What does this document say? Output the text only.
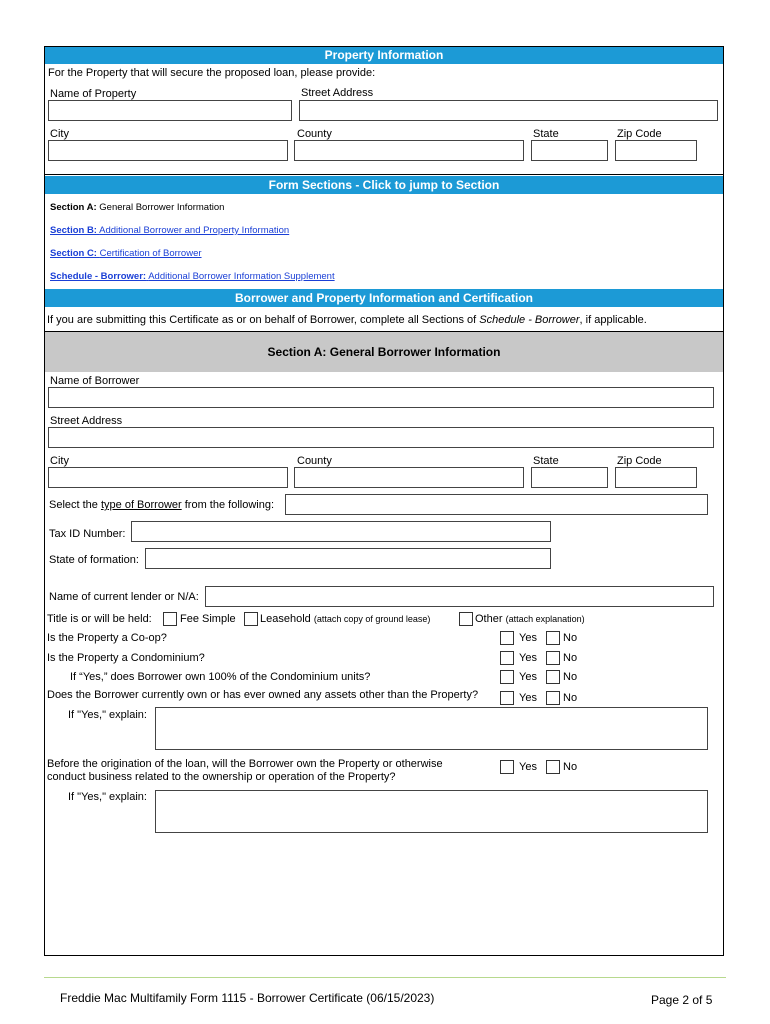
Property Information
For the Property that will secure the proposed loan, please provide:
Name of Property	Street Address
City	County	State	Zip Code
Form Sections - Click to jump to Section
Section A: General Borrower Information
Section B: Additional Borrower and Property Information
Section C: Certification of Borrower
Schedule - Borrower: Additional Borrower Information Supplement
Borrower and Property Information and Certification
If you are submitting this Certificate as or on behalf of Borrower, complete all Sections of Schedule - Borrower, if applicable.
Section A: General Borrower Information
Name of Borrower
Street Address
City	County	State	Zip Code
Select the type of Borrower from the following:
Tax ID Number:
State of formation:
Name of current lender or N/A:
Title is or will be held:	Fee Simple Leasehold (attach copy of ground lease)	Other (attach explanation)
Is the Property a Co-op?	Yes No
Is the Property a Condominium?	Yes No
If “Yes,” does Borrower own 100% of the Condominium units?	Yes No
Does the Borrower currently own or has ever owned any assets other than the Property?	Yes No
If "Yes," explain:
Before the origination of the loan, will the Borrower own the Property or otherwise
conduct business related to the ownership or operation of the Property?
Yes No
If "Yes," explain:
Freddie Mac Multifamily Form 1115 - Borrower Certificate (06/15/2023)	Page 2 of 5
